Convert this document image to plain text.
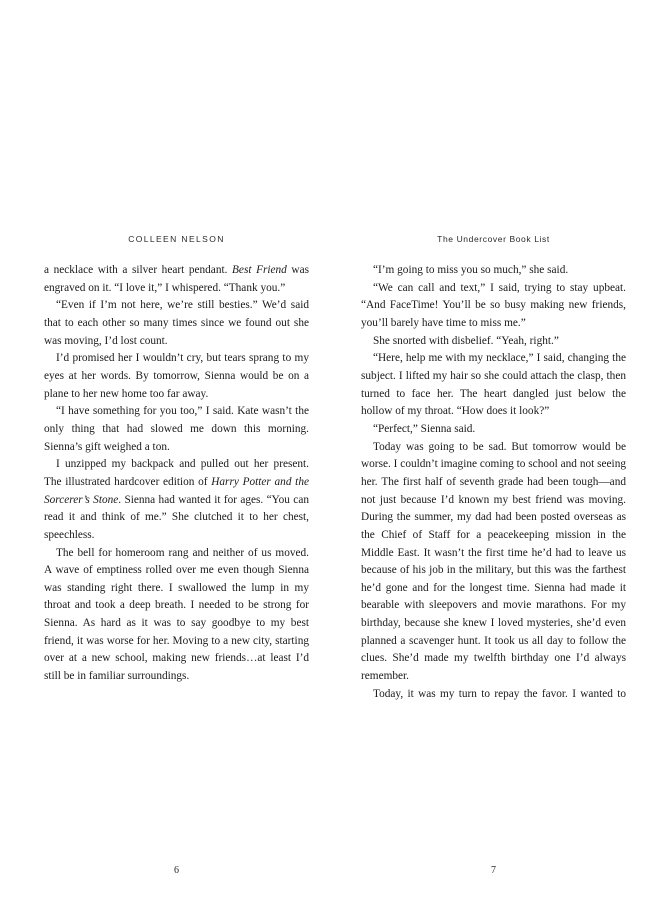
COLLEEN NELSON

a necklace with a silver heart pendant. Best Friend was engraved on it. “I love it,” I whispered. “Thank you.”

“Even if I’m not here, we’re still besties.” We’d said that to each other so many times since we found out she was moving, I’d lost count.

I’d promised her I wouldn’t cry, but tears sprang to my eyes at her words. By tomorrow, Sienna would be on a plane to her new home too far away.

“I have something for you too,” I said. Kate wasn’t the only thing that had slowed me down this morning. Sienna’s gift weighed a ton.

I unzipped my backpack and pulled out her present. The illustrated hardcover edition of Harry Potter and the Sorcerer’s Stone. Sienna had wanted it for ages. “You can read it and think of me.” She clutched it to her chest, speechless.

The bell for homeroom rang and neither of us moved. A wave of emptiness rolled over me even though Sienna was standing right there. I swallowed the lump in my throat and took a deep breath. I needed to be strong for Sienna. As hard as it was to say goodbye to my best friend, it was worse for her. Moving to a new city, starting over at a new school, making new friends…at least I’d still be in familiar surroundings.

6
The Undercover Book List

“I’m going to miss you so much,” she said.

“We can call and text,” I said, trying to stay upbeat. “And FaceTime! You’ll be so busy making new friends, you’ll barely have time to miss me.”

She snorted with disbelief. “Yeah, right.”

“Here, help me with my necklace,” I said, changing the subject. I lifted my hair so she could attach the clasp, then turned to face her. The heart dangled just below the hollow of my throat. “How does it look?”

“Perfect,” Sienna said.

Today was going to be sad. But tomorrow would be worse. I couldn’t imagine coming to school and not seeing her. The first half of seventh grade had been tough—and not just because I’d known my best friend was moving. During the summer, my dad had been posted overseas as the Chief of Staff for a peacekeeping mission in the Middle East. It wasn’t the first time he’d had to leave us because of his job in the military, but this was the farthest he’d gone and for the longest time. Sienna had made it bearable with sleepovers and movie marathons. For my birthday, because she knew I loved mysteries, she’d even planned a scavenger hunt. It took us all day to follow the clues. She’d made my twelfth birthday one I’d always remember.

Today, it was my turn to repay the favor. I wanted to

7
